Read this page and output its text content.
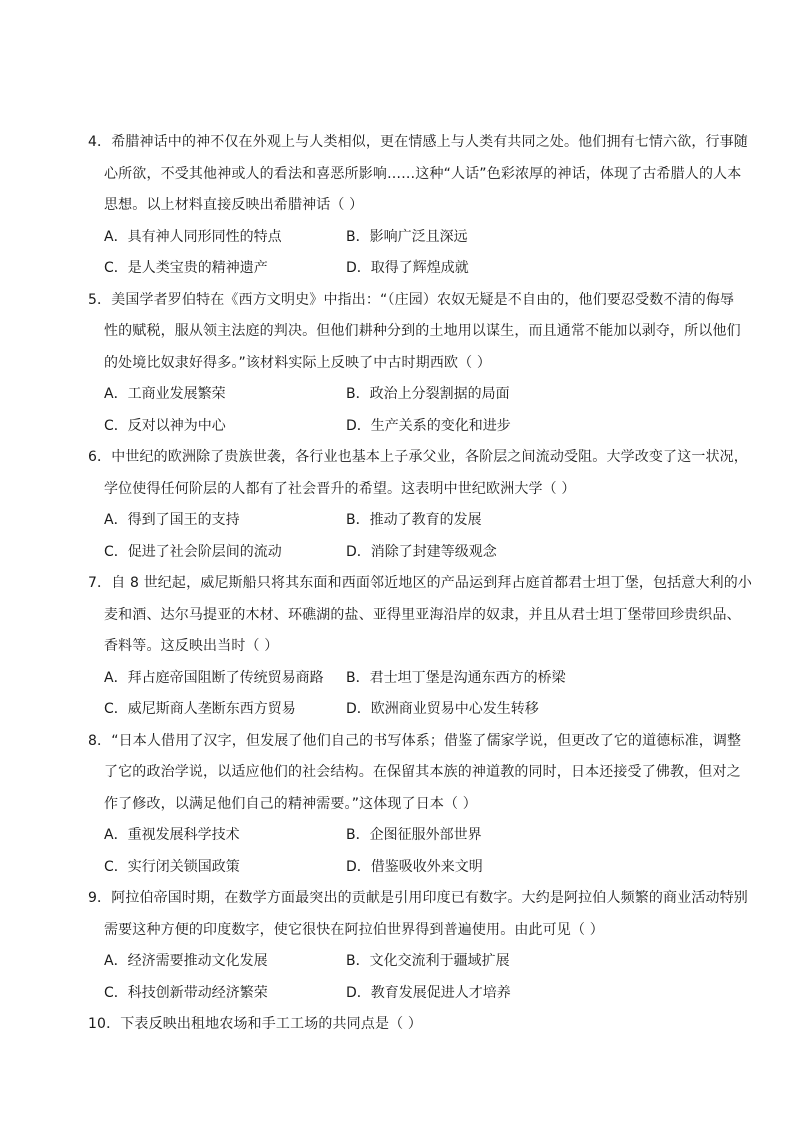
4．希腊神话中的神不仅在外观上与人类相似，更在情感上与人类有共同之处。他们拥有七情六欲，行事随
心所欲，不受其他神或人的看法和喜恶所影响……这种“人话”色彩浓厚的神话，体现了古希腊人的人本
思想。以上材料直接反映出希腊神话（ ）
A．具有神人同形同性的特点	B．影响广泛且深远
C．是人类宝贵的精神遗产	D．取得了辉煌成就
5．美国学者罗伯特在《西方文明史》中指出：“（庄园）农奴无疑是不自由的，他们要忍受数不清的侮辱
性的赋税，服从领主法庭的判决。但他们耕种分到的土地用以谋生，而且通常不能加以剥夺，所以他们
的处境比奴隶好得多。”该材料实际上反映了中古时期西欧（ ）
A．工商业发展繁荣	B．政治上分裂割据的局面
C．反对以神为中心	D．生产关系的变化和进步
6．中世纪的欧洲除了贵族世袭，各行业也基本上子承父业，各阶层之间流动受阻。大学改变了这一状况，
学位使得任何阶层的人都有了社会晋升的希望。这表明中世纪欧洲大学（ ）
A．得到了国王的支持	B．推动了教育的发展
C．促进了社会阶层间的流动	D．消除了封建等级观念
7．自 8 世纪起，威尼斯船只将其东面和西面邻近地区的产品运到拜占庭首都君士坦丁堡，包括意大利的小
麦和酒、达尔马提亚的木材、环礁湖的盐、亚得里亚海沿岸的奴隶，并且从君士坦丁堡带回珍贵织品、
香料等。这反映出当时（ ）
A．拜占庭帝国阻断了传统贸易商路 B．君士坦丁堡是沟通东西方的桥梁
C．威尼斯商人垄断东西方贸易	D．欧洲商业贸易中心发生转移
8．“日本人借用了汉字，但发展了他们自己的书写体系；借鉴了儒家学说，但更改了它的道德标准，调整
了它的政治学说，以适应他们的社会结构。在保留其本族的神道教的同时，日本还接受了佛教，但对之
作了修改，以满足他们自己的精神需要。”这体现了日本（ ）
A．重视发展科学技术	B．企图征服外部世界
C．实行闭关锁国政策	D．借鉴吸收外来文明
9．阿拉伯帝国时期，在数学方面最突出的贡献是引用印度已有数字。大约是阿拉伯人频繁的商业活动特别
需要这种方便的印度数字，使它很快在阿拉伯世界得到普遍使用。由此可见（ ）
A．经济需要推动文化发展	B．文化交流利于疆域扩展
C．科技创新带动经济繁荣	D．教育发展促进人才培养
10．下表反映出租地农场和手工工场的共同点是（ ）
